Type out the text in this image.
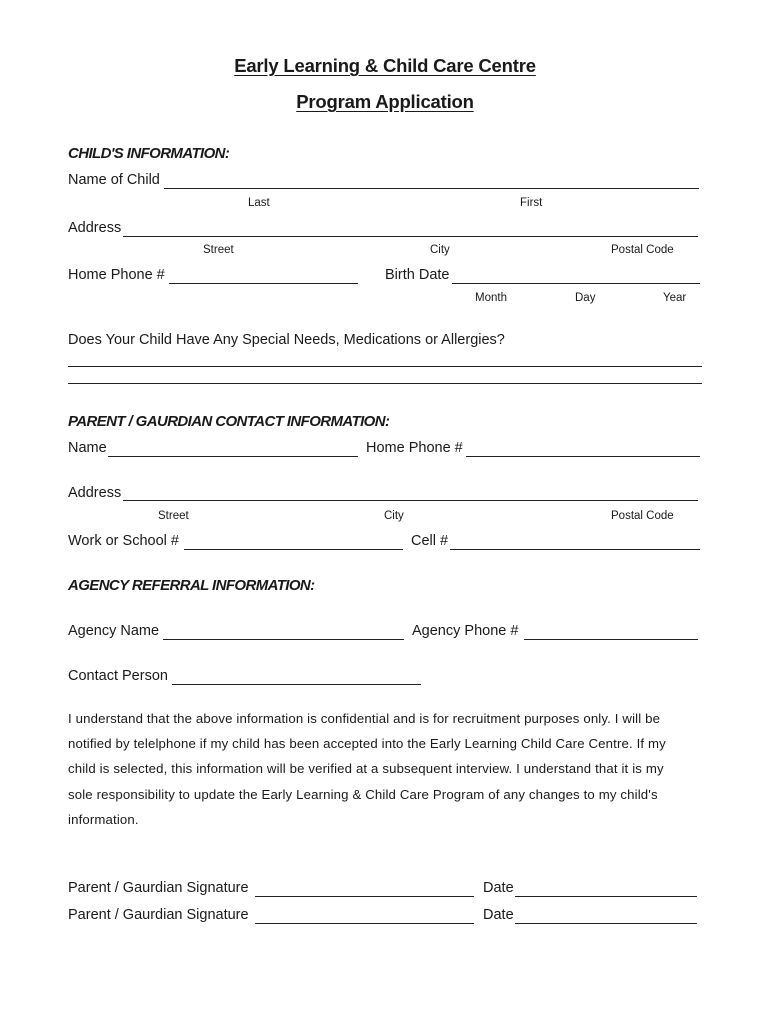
Early Learning & Child Care Centre
Program Application
CHILD'S INFORMATION:
Name of Child
Last	First
Address
Street	City	Postal Code
Home Phone #	Birth Date
Month	Day	Year
Does Your Child Have Any Special Needs, Medications or Allergies?
PARENT / GAURDIAN CONTACT INFORMATION:
Name	Home Phone #
Address
Street	City	Postal Code
Work or School #	Cell #
AGENCY REFERRAL INFORMATION:
Agency Name	Agency Phone #
Contact Person
I understand that the above information is confidential and is for recruitment purposes only. I will be
notified by telelphone if my child has been accepted into the Early Learning Child Care Centre. If my
child is selected, this information will be verified at a subsequent interview. I understand that it is my
sole responsibility to update the Early Learning & Child Care Program of any changes to my child's
information.
Parent / Gaurdian Signature	Date
Parent / Gaurdian Signature	Date
